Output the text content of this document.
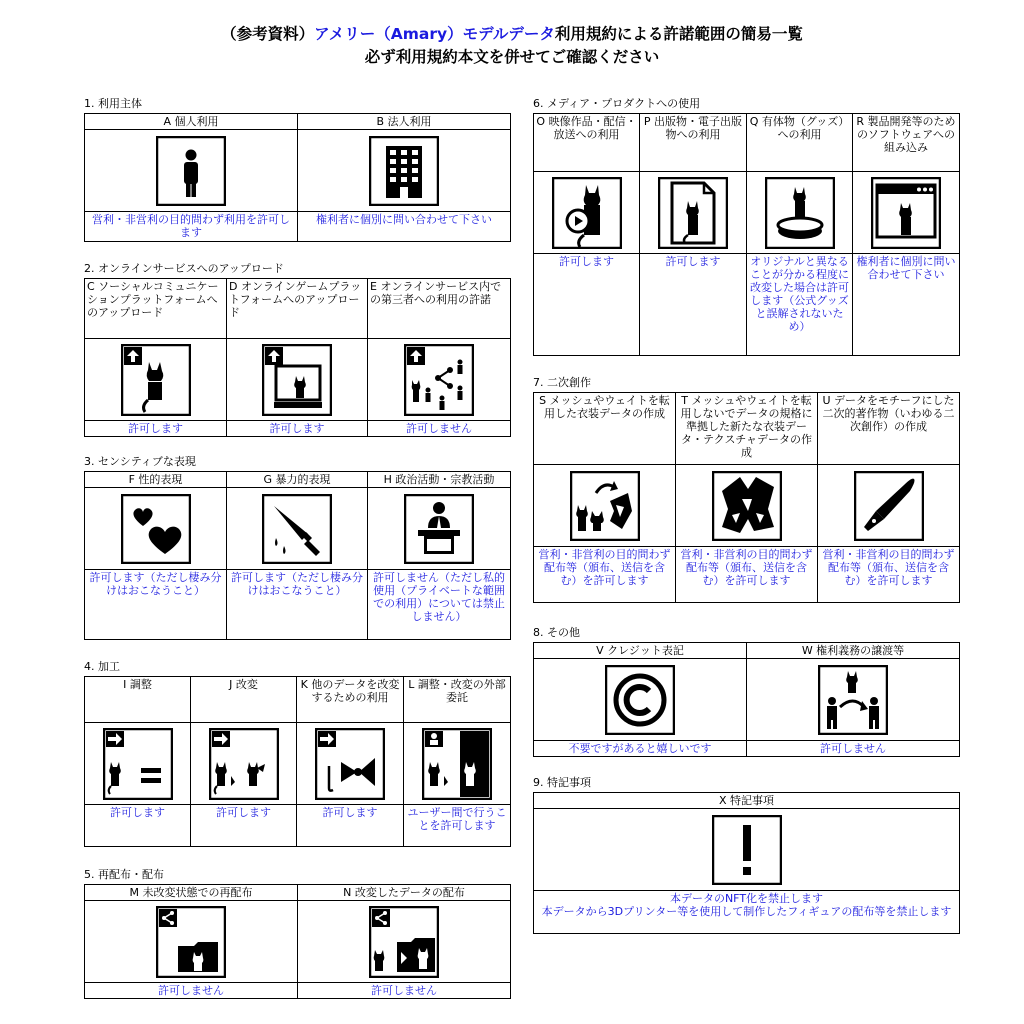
（参考資料）アメリー（Amary）モデルデータ利用規約による許諾範囲の簡易一覧
必ず利用規約本文を併せてご確認ください
1. 利用主体
A 個人利用	B 法人利用

営利・非営利の目的問わず利用を許可します	権利者に個別に問い合わせて下さい
2. オンラインサービスへのアップロード
C ソーシャルコミュニケーションプラットフォームへのアップロード	D オンラインゲームプラットフォームへのアップロード	E オンラインサービス内での第三者への利用の許諾

許可します	許可します	許可しません
3. センシティブな表現
F 性的表現	G 暴力的表現	H 政治活動・宗教活動

許可します（ただし棲み分けはおこなうこと）	許可します（ただし棲み分けはおこなうこと）	許可しません（ただし私的使用（プライベートな範囲での利用）については禁止しません）
4. 加工
I 調整	J 改変	K 他のデータを改変するための利用	L 調整・改変の外部委託

許可します	許可します	許可します	ユーザー間で行うことを許可します
5. 再配布・配布
M 未改変状態での再配布	N 改変したデータの配布

許可しません	許可しません
6. メディア・プロダクトへの使用
O 映像作品・配信・放送への利用	P 出版物・電子出版物への利用	Q 有体物（グッズ）への利用	R 製品開発等のためのソフトウェアへの組み込み

許可します	許可します	オリジナルと異なることが分かる程度に改変した場合は許可します（公式グッズと誤解されないため）	権利者に個別に問い合わせて下さい
7. 二次創作
S メッシュやウェイトを転用した衣装データの作成	T メッシュやウェイトを転用しないでデータの規格に準拠した新たな衣装データ・テクスチャデータの作成	U データをモチーフにした二次的著作物（いわゆる二次創作）の作成

営利・非営利の目的問わず配布等（頒布、送信を含む）を許可します	営利・非営利の目的問わず配布等（頒布、送信を含む）を許可します	営利・非営利の目的問わず配布等（頒布、送信を含む）を許可します
8. その他
V クレジット表記	W 権利義務の譲渡等

不要ですがあると嬉しいです	許可しません
9. 特記事項
X 特記事項

本データのNFT化を禁止します
本データから3Dプリンター等を使用して制作したフィギュアの配布等を禁止します
